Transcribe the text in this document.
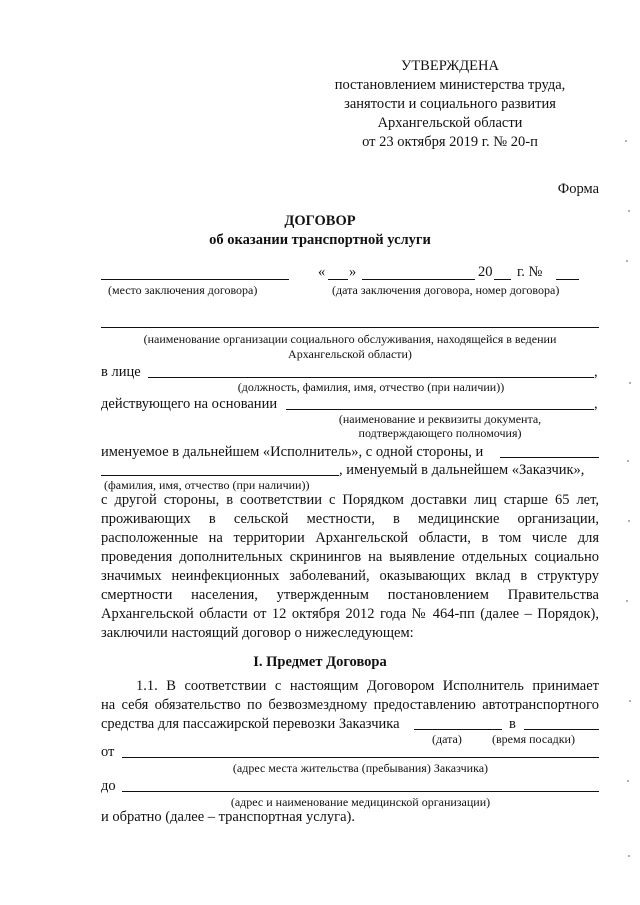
УТВЕРЖДЕНА
постановлением министерства труда,
занятости и социального развития
Архангельской области
от 23 октября 2019 г. № 20-п
Форма
ДОГОВОР
об оказании транспортной услуги
« »	20 г. №
(место заключения договора)	(дата заключения договора, номер договора)
(наименование организации социального обслуживания, находящейся в ведении
Архангельской области)
в лице	,
(должность, фамилия, имя, отчество (при наличии))
действующего на основании	,
(наименование и реквизиты документа,
подтверждающего полномочия)
именуемое в дальнейшем «Исполнитель», с одной стороны, и
, именуемый в дальнейшем «Заказчик»,
(фамилия, имя, отчество (при наличии))
с другой стороны, в соответствии с Порядком доставки лиц старше 65 лет,
проживающих в сельской местности, в медицинские организации,
расположенные на территории Архангельской области, в том числе для
проведения дополнительных скринингов на выявление отдельных социально
значимых неинфекционных заболеваний, оказывающих вклад в структуру
смертности населения, утвержденным постановлением Правительства
Архангельской области от 12 октября 2012 года № 464-пп (далее – Порядок),
заключили настоящий договор о нижеследующем:
I. Предмет Договора
1.1. В соответствии с настоящим Договором Исполнитель принимает
на себя обязательство по безвозмездному предоставлению автотранспортного
средства для пассажирской перевозки Заказчика	в
(дата)	(время посадки)
от
(адрес места жительства (пребывания) Заказчика)
до
(адрес и наименование медицинской организации)
и обратно (далее – транспортная услуга).
